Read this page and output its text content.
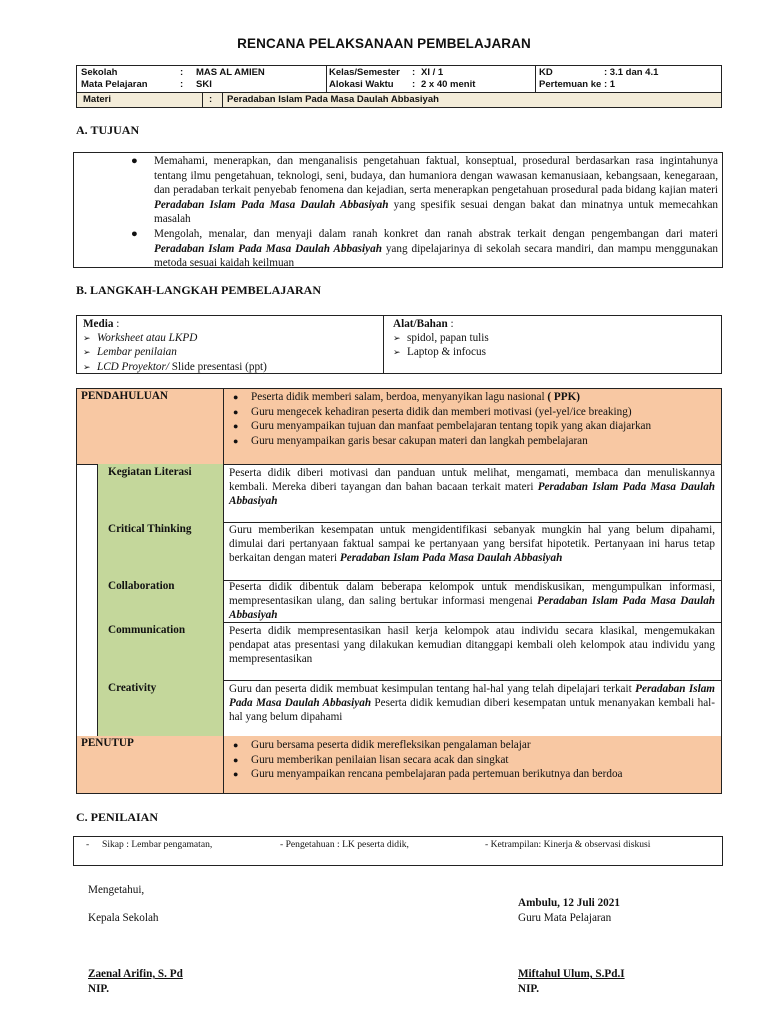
RENCANA PELAKSANAAN PEMBELAJARAN
Sekolah	: MAS AL AMIEN
Mata Pelajaran	: SKI
Kelas/Semester : XI / 1
Alokasi Waktu : 2 x 40 menit
KD	: 3.1 dan 4.1
Pertemuan ke : 1
Materi	: Peradaban Islam Pada Masa Daulah Abbasiyah
A. TUJUAN
● Memahami, menerapkan, dan menganalisis pengetahuan faktual, konseptual, prosedural berdasarkan rasa ingintahunya tentang ilmu pengetahuan, teknologi, seni, budaya, dan humaniora dengan wawasan kemanusiaan, kebangsaan, kenegaraan, dan peradaban terkait penyebab fenomena dan kejadian, serta menerapkan pengetahuan prosedural pada bidang kajian materi Peradaban Islam Pada Masa Daulah Abbasiyah yang spesifik sesuai dengan bakat dan minatnya untuk memecahkan masalah
● Mengolah, menalar, dan menyaji dalam ranah konkret dan ranah abstrak terkait dengan pengembangan dari materi Peradaban Islam Pada Masa Daulah Abbasiyah yang dipelajarinya di sekolah secara mandiri, dan mampu menggunakan metoda sesuai kaidah keilmuan
B. LANGKAH-LANGKAH PEMBELAJARAN
Media :
➢ Worksheet atau LKPD
➢ Lembar penilaian
➢ LCD Proyektor/ Slide presentasi (ppt)
Alat/Bahan :
➢ spidol, papan tulis
➢ Laptop & infocus
PENDAHULUAN	● Peserta didik memberi salam, berdoa, menyanyikan lagu nasional ( PPK)
● Guru mengecek kehadiran peserta didik dan memberi motivasi (yel-yel/ice breaking)
● Guru menyampaikan tujuan dan manfaat pembelajaran tentang topik yang akan diajarkan
● Guru menyampaikan garis besar cakupan materi dan langkah pembelajaran
Kegiatan Literasi	Peserta didik diberi motivasi dan panduan untuk melihat, mengamati, membaca dan menuliskannya kembali. Mereka diberi tayangan dan bahan bacaan terkait materi Peradaban Islam Pada Masa Daulah Abbasiyah
Critical Thinking	Guru memberikan kesempatan untuk mengidentifikasi sebanyak mungkin hal yang belum dipahami, dimulai dari pertanyaan faktual sampai ke pertanyaan yang bersifat hipotetik. Pertanyaan ini harus tetap berkaitan dengan materi Peradaban Islam Pada Masa Daulah Abbasiyah
Collaboration	Peserta didik dibentuk dalam beberapa kelompok untuk mendiskusikan, mengumpulkan informasi, mempresentasikan ulang, dan saling bertukar informasi mengenai Peradaban Islam Pada Masa Daulah Abbasiyah
Communication	Peserta didik mempresentasikan hasil kerja kelompok atau individu secara klasikal, mengemukakan pendapat atas presentasi yang dilakukan kemudian ditanggapi kembali oleh kelompok atau individu yang mempresentasikan
Creativity	Guru dan peserta didik membuat kesimpulan tentang hal-hal yang telah dipelajari terkait Peradaban Islam Pada Masa Daulah Abbasiyah Peserta didik kemudian diberi kesempatan untuk menanyakan kembali hal-hal yang belum dipahami
PENUTUP	● Guru bersama peserta didik merefleksikan pengalaman belajar
● Guru memberikan penilaian lisan secara acak dan singkat
● Guru menyampaikan rencana pembelajaran pada pertemuan berikutnya dan berdoa
C. PENILAIAN
- Sikap : Lembar pengamatan,	- Pengetahuan : LK peserta didik,	- Ketrampilan: Kinerja & observasi diskusi
Mengetahui,
Kepala Sekolah
Ambulu, 12 Juli 2021
Guru Mata Pelajaran
Zaenal Arifin, S. Pd
NIP.
Miftahul Ulum, S.Pd.I
NIP.
